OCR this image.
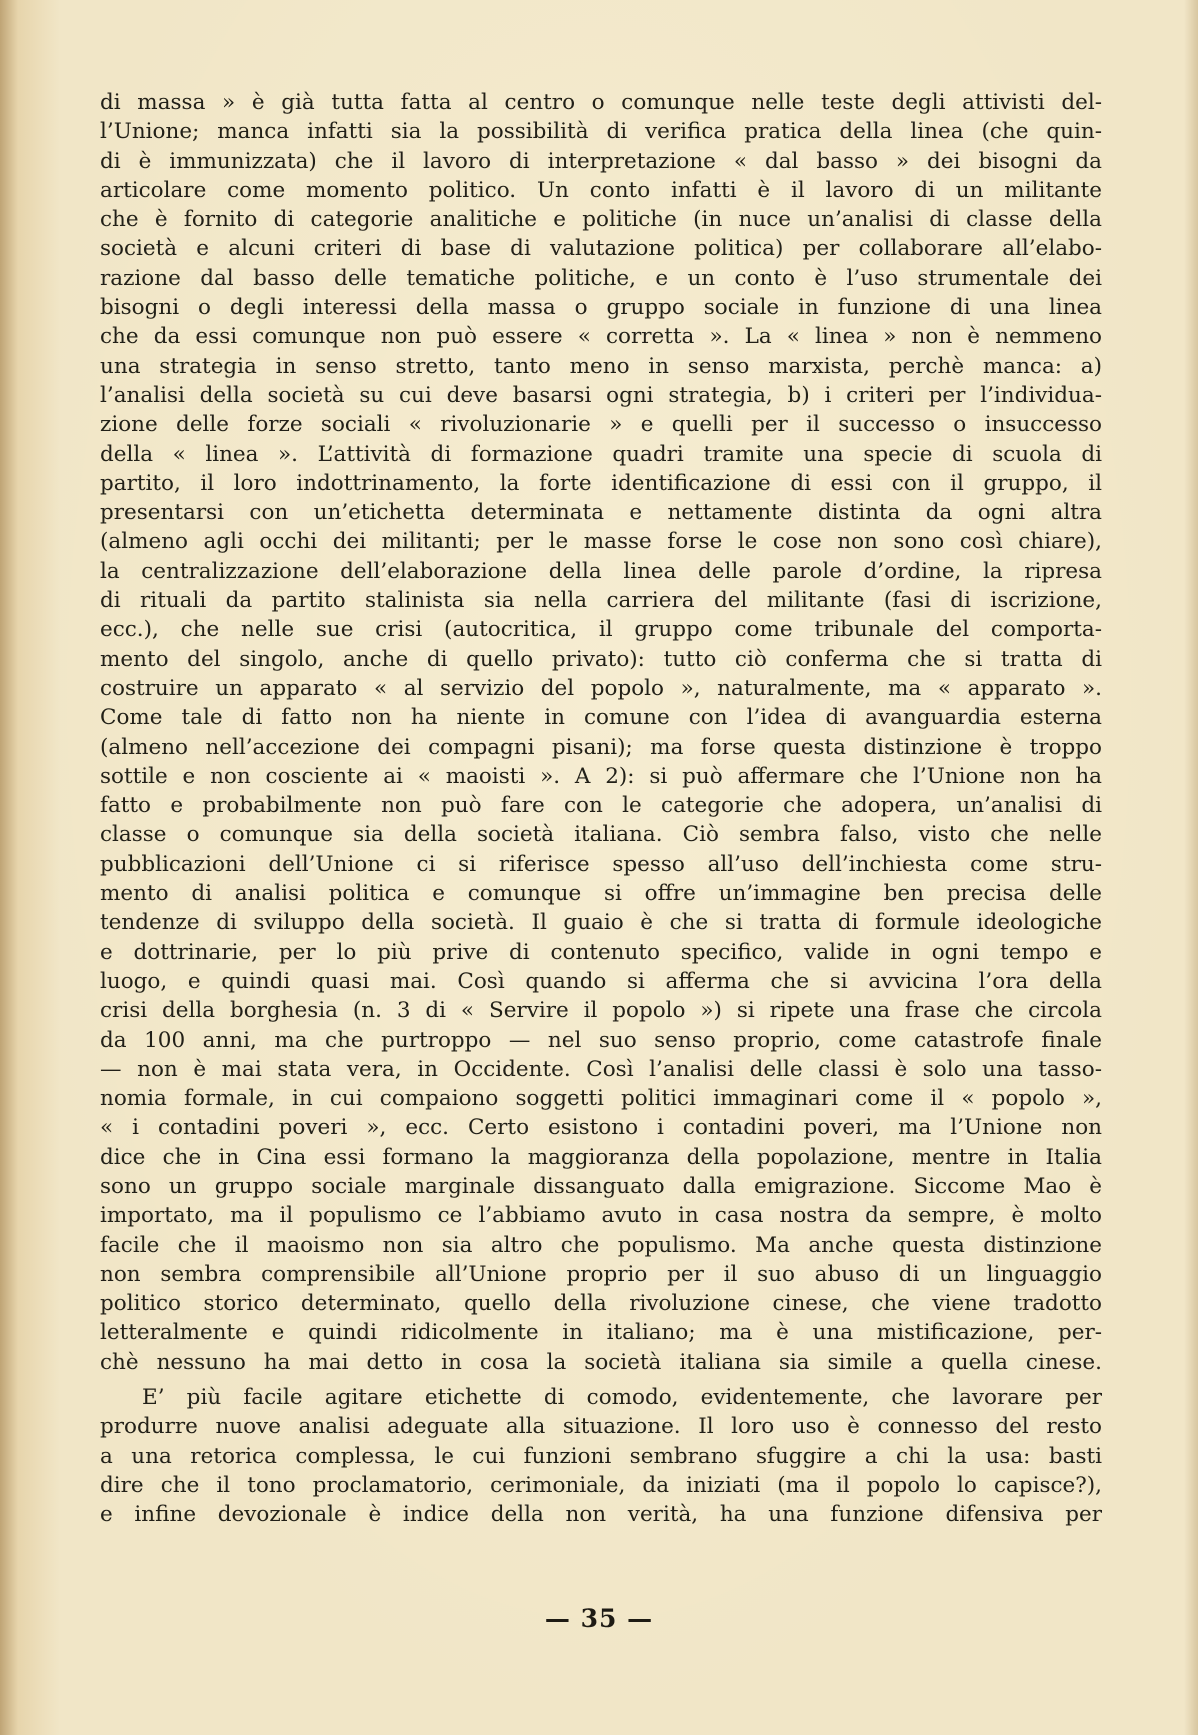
di massa » è già tutta fatta al centro o comunque nelle teste degli attivisti del-
l’Unione; manca infatti sia la possibilità di verifica pratica della linea (che quin-
di è immunizzata) che il lavoro di interpretazione « dal basso » dei bisogni da
articolare come momento politico. Un conto infatti è il lavoro di un militante
che è fornito di categorie analitiche e politiche (in nuce un’analisi di classe della
società e alcuni criteri di base di valutazione politica) per collaborare all’elabo-
razione dal basso delle tematiche politiche, e un conto è l’uso strumentale dei
bisogni o degli interessi della massa o gruppo sociale in funzione di una linea
che da essi comunque non può essere « corretta ». La « linea » non è nemmeno
una strategia in senso stretto, tanto meno in senso marxista, perchè manca: a)
l’analisi della società su cui deve basarsi ogni strategia, b) i criteri per l’individua-
zione delle forze sociali « rivoluzionarie » e quelli per il successo o insuccesso
della « linea ». L’attività di formazione quadri tramite una specie di scuola di
partito, il loro indottrinamento, la forte identificazione di essi con il gruppo, il
presentarsi con un’etichetta determinata e nettamente distinta da ogni altra
(almeno agli occhi dei militanti; per le masse forse le cose non sono così chiare),
la centralizzazione dell’elaborazione della linea delle parole d’ordine, la ripresa
di rituali da partito stalinista sia nella carriera del militante (fasi di iscrizione,
ecc.), che nelle sue crisi (autocritica, il gruppo come tribunale del comporta-
mento del singolo, anche di quello privato): tutto ciò conferma che si tratta di
costruire un apparato « al servizio del popolo », naturalmente, ma « apparato ».
Come tale di fatto non ha niente in comune con l’idea di avanguardia esterna
(almeno nell’accezione dei compagni pisani); ma forse questa distinzione è troppo
sottile e non cosciente ai « maoisti ». A 2): si può affermare che l’Unione non ha
fatto e probabilmente non può fare con le categorie che adopera, un’analisi di
classe o comunque sia della società italiana. Ciò sembra falso, visto che nelle
pubblicazioni dell’Unione ci si riferisce spesso all’uso dell’inchiesta come stru-
mento di analisi politica e comunque si offre un’immagine ben precisa delle
tendenze di sviluppo della società. Il guaio è che si tratta di formule ideologiche
e dottrinarie, per lo più prive di contenuto specifico, valide in ogni tempo e
luogo, e quindi quasi mai. Così quando si afferma che si avvicina l’ora della
crisi della borghesia (n. 3 di « Servire il popolo ») si ripete una frase che circola
da 100 anni, ma che purtroppo — nel suo senso proprio, come catastrofe finale
— non è mai stata vera, in Occidente. Così l’analisi delle classi è solo una tasso-
nomia formale, in cui compaiono soggetti politici immaginari come il « popolo »,
« i contadini poveri », ecc. Certo esistono i contadini poveri, ma l’Unione non
dice che in Cina essi formano la maggioranza della popolazione, mentre in Italia
sono un gruppo sociale marginale dissanguato dalla emigrazione. Siccome Mao è
importato, ma il populismo ce l’abbiamo avuto in casa nostra da sempre, è molto
facile che il maoismo non sia altro che populismo. Ma anche questa distinzione
non sembra comprensibile all’Unione proprio per il suo abuso di un linguaggio
politico storico determinato, quello della rivoluzione cinese, che viene tradotto
letteralmente e quindi ridicolmente in italiano; ma è una mistificazione, per-
chè nessuno ha mai detto in cosa la società italiana sia simile a quella cinese.
E’ più facile agitare etichette di comodo, evidentemente, che lavorare per
produrre nuove analisi adeguate alla situazione. Il loro uso è connesso del resto
a una retorica complessa, le cui funzioni sembrano sfuggire a chi la usa: basti
dire che il tono proclamatorio, cerimoniale, da iniziati (ma il popolo lo capisce?),
e infine devozionale è indice della non verità, ha una funzione difensiva per
— 35 —
